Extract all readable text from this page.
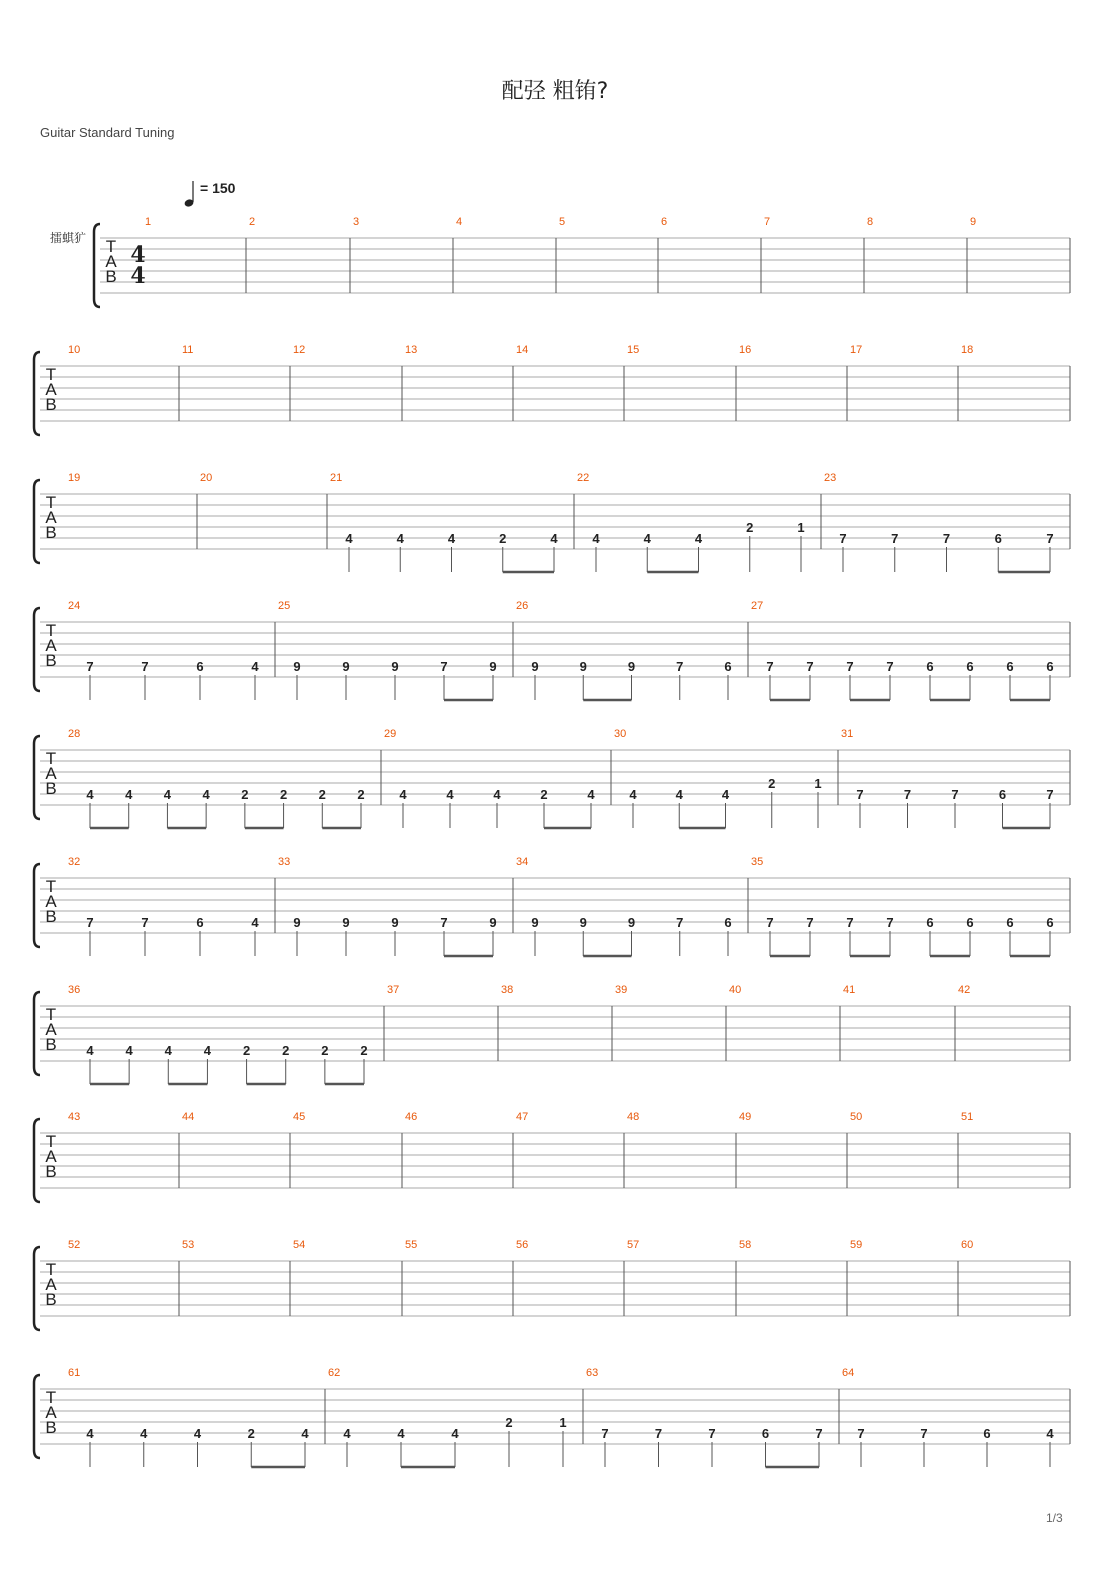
配弪 粗铕?
Guitar Standard Tuning
= 150
擂蜞犷
1/3
T
A
B
4
4
1	2	3	4	5	6	7	8	9
T
A
B
10	11	12	13	14	15	16	17	18
T
A
B
19	20	21
4	4	4	2	4
22
4	4	4
2	1
23
7	7	7	6	7
T
A
B
24
7	7	6	4
25
9	9	9	7	9
26
9	9	9	7	6
27
7	7	7	7	6	6	6	6
T
A
B
28
4 4 4 4 2 2 2 2
29
4	4	4	2	4
30
4	4	4
2	1
31
7	7	7	6	7
T
A
B
32
7	7	6	4
33
9	9	9	7	9
34
9	9	9	7	6
35
7	7	7	7	6	6	6	6
T
A
B
36
4 4 4 4 2 2 2 2
37	38	39	40	41	42
T
A
B
43	44	45	46	47	48	49	50	51
T
A
B
52	53	54	55	56	57	58	59	60
T
A
B
61
4	4	4	2	4
62
4	4	4
2	1
63
7	7	7	6	7
64
7	7	6	4
